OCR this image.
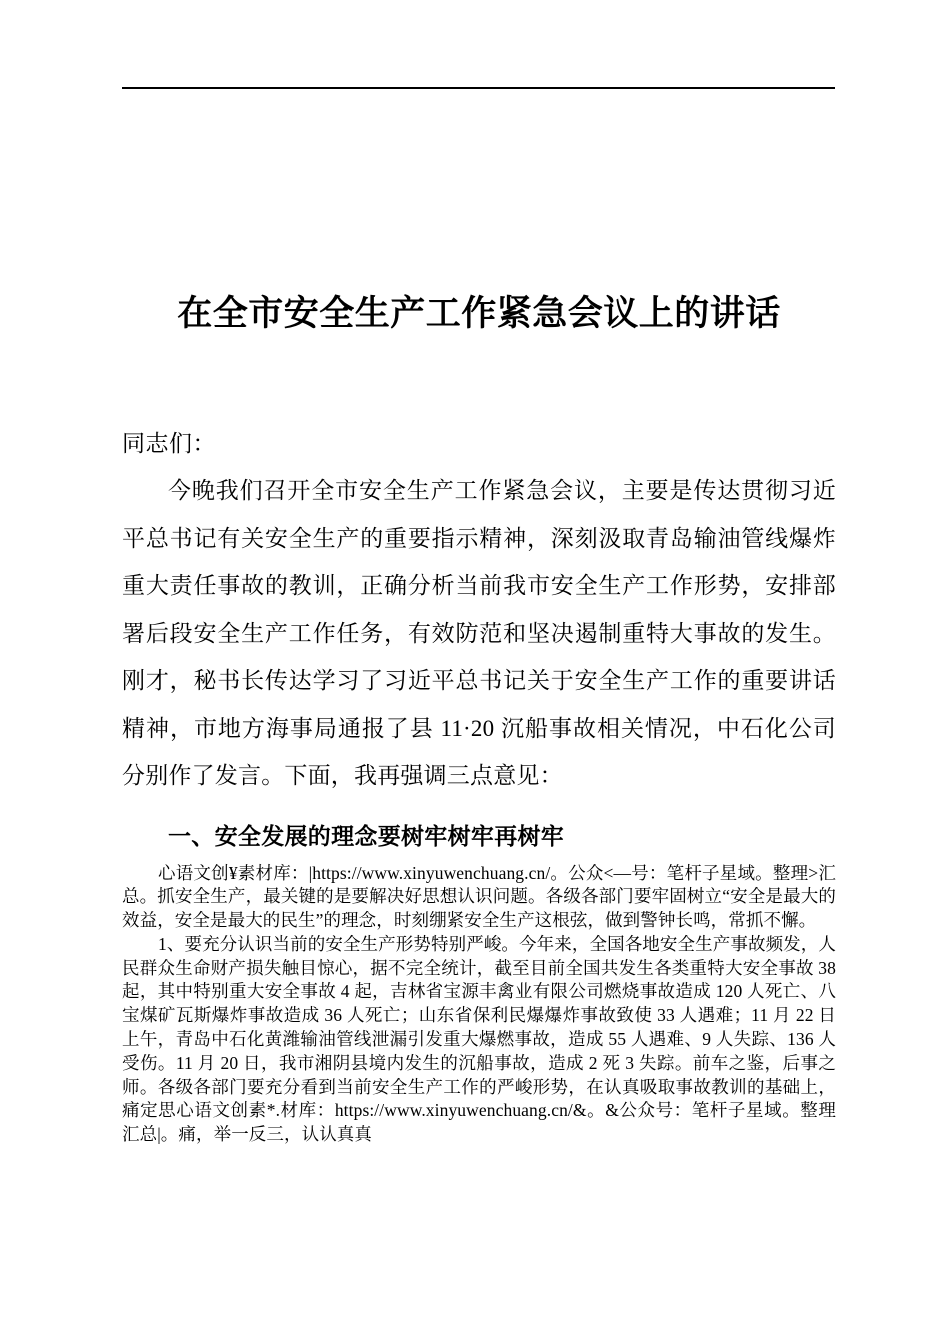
在全市安全生产工作紧急会议上的讲话

同志们：

今晚我们召开全市安全生产工作紧急会议，主要是传达贯彻习近平总书记有关安全生产的重要指示精神，深刻汲取青岛输油管线爆炸重大责任事故的教训，正确分析当前我市安全生产工作形势，安排部署后段安全生产工作任务，有效防范和坚决遏制重特大事故的发生。刚才，秘书长传达学习了习近平总书记关于安全生产工作的重要讲话精神，市地方海事局通报了县 11·20 沉船事故相关情况，中石化公司分别作了发言。下面，我再强调三点意见：

一、安全发展的理念要树牢树牢再树牢

心语文创¥素材库：|https://www.xinyuwenchuang.cn/。公众<—号：笔杆子星域。整理>汇总。抓安全生产，最关键的是要解决好思想认识问题。各级各部门要牢固树立“安全是最大的效益，安全是最大的民生”的理念，时刻绷紧安全生产这根弦，做到警钟长鸣，常抓不懈。

1、要充分认识当前的安全生产形势特别严峻。今年来，全国各地安全生产事故频发，人民群众生命财产损失触目惊心，据不完全统计，截至目前全国共发生各类重特大安全事故 38 起，其中特别重大安全事故 4 起，吉林省宝源丰禽业有限公司燃烧事故造成 120 人死亡、八宝煤矿瓦斯爆炸事故造成 36 人死亡；山东省保利民爆爆炸事故致使 33 人遇难；11 月 22 日上午，青岛中石化黄潍输油管线泄漏引发重大爆燃事故，造成 55 人遇难、9 人失踪、136 人受伤。11 月 20 日，我市湘阴县境内发生的沉船事故，造成 2 死 3 失踪。前车之鉴，后事之师。各级各部门要充分看到当前安全生产工作的严峻形势，在认真吸取事故教训的基础上，痛定思心语文创素*.材库：https://www.xinyuwenchuang.cn/&。&公众号：笔杆子星域。整理汇总|。痛，举一反三，认认真真
